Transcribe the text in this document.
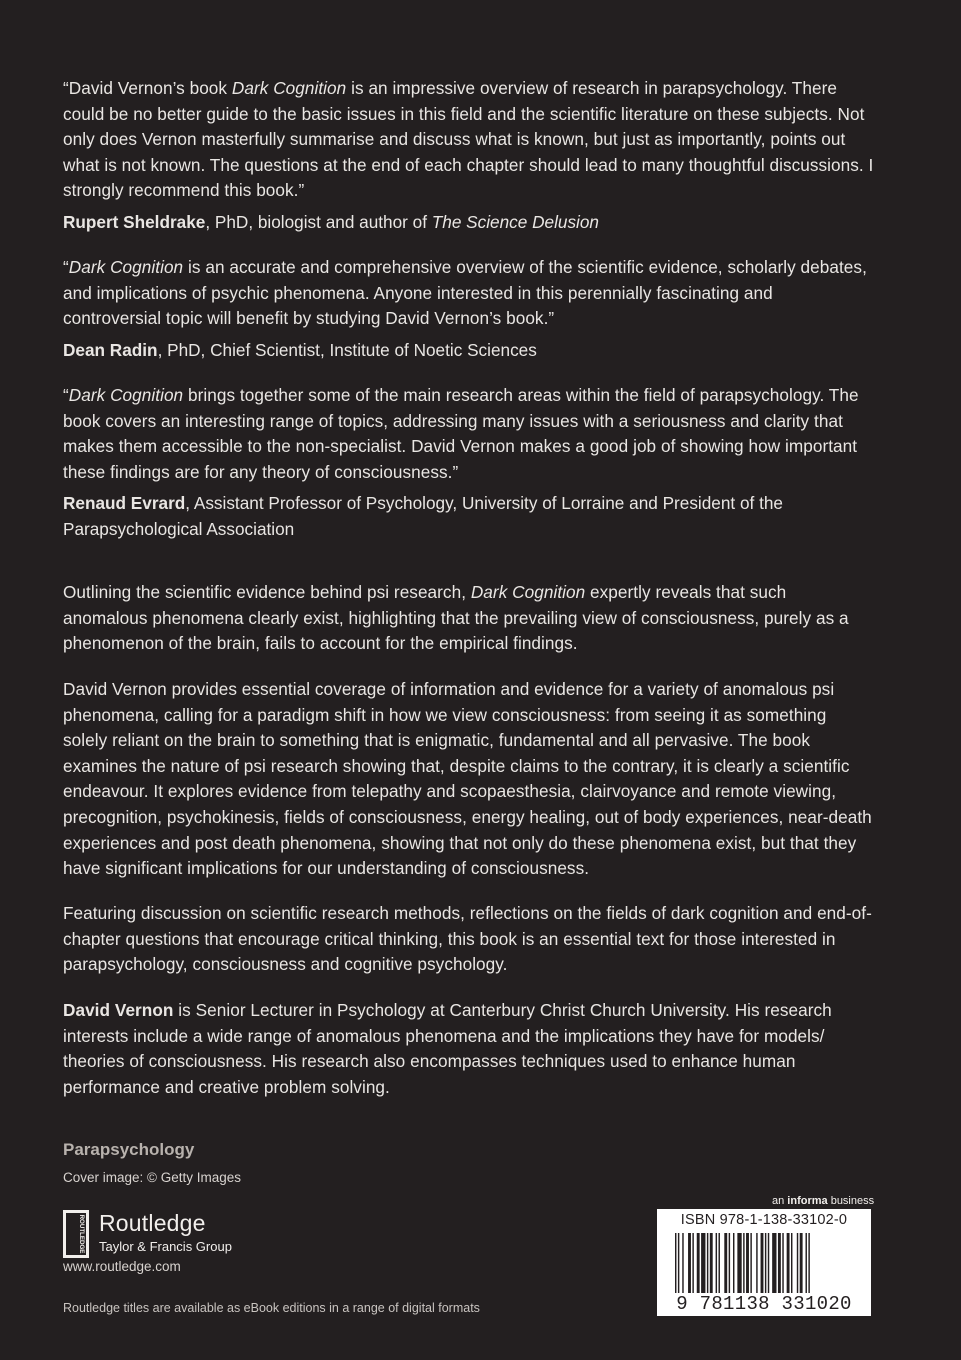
“David Vernon’s book Dark Cognition is an impressive overview of research in parapsychology. There could be no better guide to the basic issues in this field and the scientific literature on these subjects. Not only does Vernon masterfully summarise and discuss what is known, but just as importantly, points out what is not known. The questions at the end of each chapter should lead to many thoughtful discussions. I strongly recommend this book.”

Rupert Sheldrake, PhD, biologist and author of The Science Delusion

“Dark Cognition is an accurate and comprehensive overview of the scientific evidence, scholarly debates, and implications of psychic phenomena. Anyone interested in this perennially fascinating and controversial topic will benefit by studying David Vernon’s book.”

Dean Radin, PhD, Chief Scientist, Institute of Noetic Sciences

“Dark Cognition brings together some of the main research areas within the field of parapsychology. The book covers an interesting range of topics, addressing many issues with a seriousness and clarity that makes them accessible to the non-specialist. David Vernon makes a good job of showing how important these findings are for any theory of consciousness.”

Renaud Evrard, Assistant Professor of Psychology, University of Lorraine and President of the Parapsychological Association

Outlining the scientific evidence behind psi research, Dark Cognition expertly reveals that such anomalous phenomena clearly exist, highlighting that the prevailing view of consciousness, purely as a phenomenon of the brain, fails to account for the empirical findings.

David Vernon provides essential coverage of information and evidence for a variety of anomalous psi phenomena, calling for a paradigm shift in how we view consciousness: from seeing it as something solely reliant on the brain to something that is enigmatic, fundamental and all pervasive. The book examines the nature of psi research showing that, despite claims to the contrary, it is clearly a scientific endeavour. It explores evidence from telepathy and scopaesthesia, clairvoyance and remote viewing, precognition, psychokinesis, fields of consciousness, energy healing, out of body experiences, near-death experiences and post death phenomena, showing that not only do these phenomena exist, but that they have significant implications for our understanding of consciousness.

Featuring discussion on scientific research methods, reflections on the fields of dark cognition and end-of-chapter questions that encourage critical thinking, this book is an essential text for those interested in parapsychology, consciousness and cognitive psychology.

David Vernon is Senior Lecturer in Psychology at Canterbury Christ Church University. His research interests include a wide range of anomalous phenomena and the implications they have for models/ theories of consciousness. His research also encompasses techniques used to enhance human performance and creative problem solving.

Parapsychology
Cover image: © Getty Images
ROUTLEDGE Routledge
Taylor & Francis Group
www.routledge.com
Routledge titles are available as eBook editions in a range of digital formats
an informa business
ISBN 978-1-138-33102-0
9 781138 331020
